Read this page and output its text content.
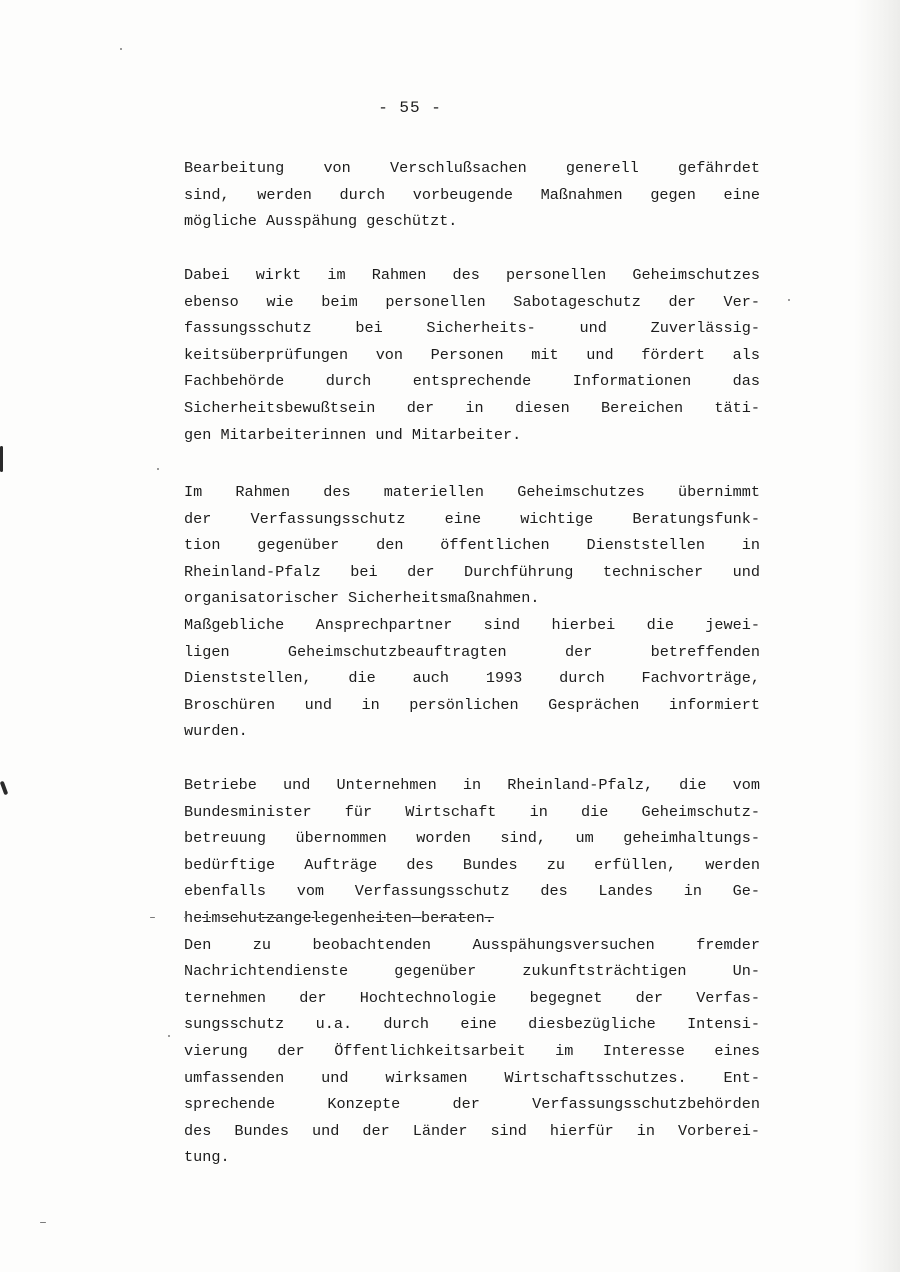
- 55 -

Bearbeitung von Verschlußsachen generell gefährdet
sind, werden durch vorbeugende Maßnahmen gegen eine
mögliche Ausspähung geschützt.

Dabei wirkt im Rahmen des personellen Geheimschutzes
ebenso wie beim personellen Sabotageschutz der Ver-
fassungsschutz bei Sicherheits- und Zuverlässig-
keitsüberprüfungen von Personen mit und fördert als
Fachbehörde durch entsprechende Informationen das
Sicherheitsbewußtsein der in diesen Bereichen täti-
gen Mitarbeiterinnen und Mitarbeiter.

Im Rahmen des materiellen Geheimschutzes übernimmt
der Verfassungsschutz eine wichtige Beratungsfunk-
tion gegenüber den öffentlichen Dienststellen in
Rheinland-Pfalz bei der Durchführung technischer und
organisatorischer Sicherheitsmaßnahmen.
Maßgebliche Ansprechpartner sind hierbei die jewei-
ligen Geheimschutzbeauftragten der betreffenden
Dienststellen, die auch 1993 durch Fachvorträge,
Broschüren und in persönlichen Gesprächen informiert
wurden.

Betriebe und Unternehmen in Rheinland-Pfalz, die vom
Bundesminister für Wirtschaft in die Geheimschutz-
betreuung übernommen worden sind, um geheimhaltungs-
bedürftige Aufträge des Bundes zu erfüllen, werden
ebenfalls vom Verfassungsschutz des Landes in Ge-
heimschutzangelegenheiten beraten.
Den zu beobachtenden Ausspähungsversuchen fremder
Nachrichtendienste gegenüber zukunftsträchtigen Un-
ternehmen der Hochtechnologie begegnet der Verfas-
sungsschutz u.a. durch eine diesbezügliche Intensi-
vierung der Öffentlichkeitsarbeit im Interesse eines
umfassenden und wirksamen Wirtschaftsschutzes. Ent-
sprechende Konzepte der Verfassungsschutzbehörden
des Bundes und der Länder sind hierfür in Vorberei-
tung.
